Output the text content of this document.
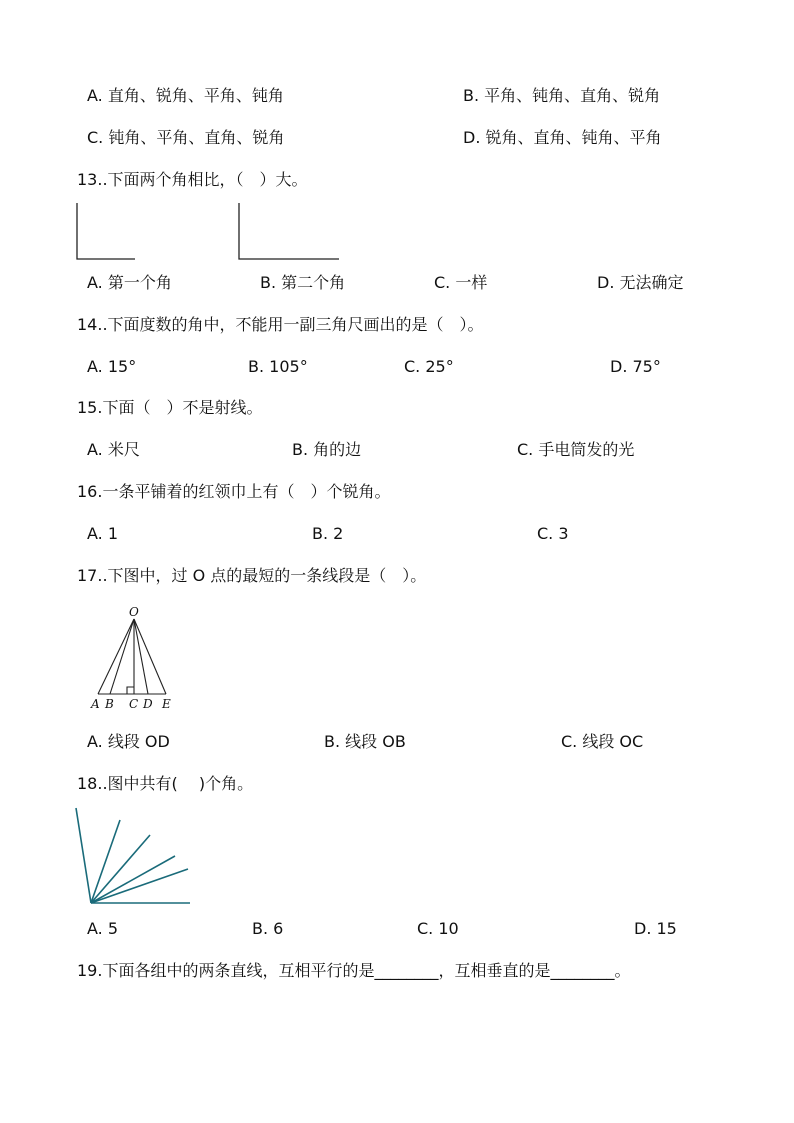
A. 直角、锐角、平角、钝角	B. 平角、钝角、直角、锐角
C. 钝角、平角、直角、锐角	D. 锐角、直角、钝角、平角
13..下面两个角相比，（　）大。
A. 第一个角	B. 第二个角	C. 一样	D. 无法确定
14..下面度数的角中，不能用一副三角尺画出的是（　）。
A. 15°	B. 105°	C. 25°	D. 75°
15.下面（　）不是射线。
A. 米尺	B. 角的边	C. 手电筒发的光
16.一条平铺着的红领巾上有（　）个锐角。
A. 1	B. 2	C. 3
17..下图中，过 O 点的最短的一条线段是（　）。
O
A B C D E
A. 线段 OD	B. 线段 OB	C. 线段 OC
18..图中共有(　 )个角。
A. 5	B. 6	C. 10	D. 15
19.下面各组中的两条直线，互相平行的是________，互相垂直的是________。
